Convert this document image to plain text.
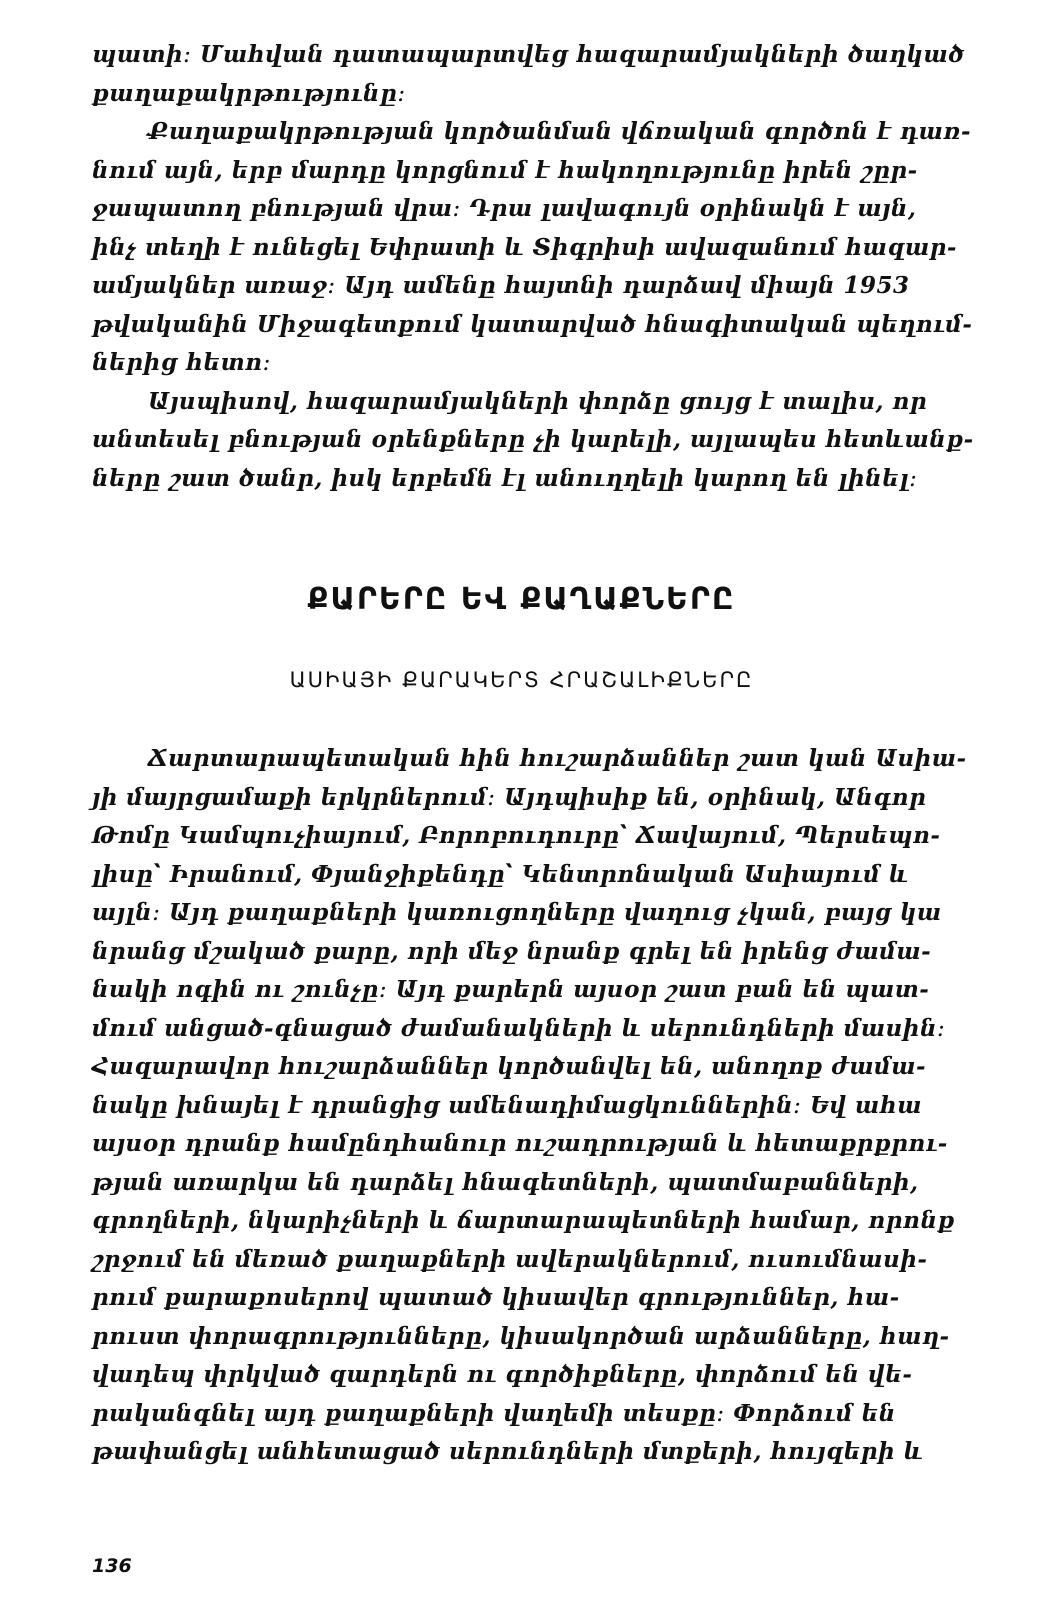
պատի։ Մահվան դատապարտվեց հազարամյակների ծաղկած
քաղաքակրթությունը։
Քաղաքակրթության կործանման վճռական գործոն է դառ-
նում այն, երբ մարդը կորցնում է հակողությունը իրեն շըր-
ջապատող բնության վրա։ Դրա լավագույն օրինակն է այն,
ինչ տեղի է ունեցել Եփրատի և Տիգրիսի ավազանում հազար-
ամյակներ առաջ։ Այդ ամենը հայտնի դարձավ միայն 1953
թվականին Միջագետքում կատարված հնագիտական պեղում-
ներից հետո։
Այսպիսով, հազարամյակների փորձը ցույց է տալիս, որ
անտեսել բնության օրենքները չի կարելի, այլապես հետևանք-
ները շատ ծանր, իսկ երբեմն էլ անուղղելի կարող են լինել։
ՔԱՐԵՐԸ ԵՎ ՔԱՂԱՔՆԵՐԸ
ԱՍԻԱՅԻ ՔԱՐԱԿԵՐՏ ՀՐԱՇԱԼԻՔՆԵՐԸ
Ճարտարապետական հին հուշարձաններ շատ կան Ասիա-
յի մայրցամաքի երկրներում։ Այդպիսիք են, օրինակ, Անգոր
Թոմը Կամպուչիայում, Բորոբուդուրը՝ Ճավայում, Պերսեպո-
լիսը՝ Իրանում, Փյանջիքենդը՝ Կենտրոնական Ասիայում և
այլն։ Այդ քաղաքների կառուցողները վաղուց չկան, բայց կա
նրանց մշակած քարը, որի մեջ նրանք գրել են իրենց ժամա-
նակի ոգին ու շունչը։ Այդ քարերն այսօր շատ բան են պատ-
մում անցած-գնացած ժամանակների և սերունդների մասին։
Հազարավոր հուշարձաններ կործանվել են, անողոք ժամա-
նակը խնայել է դրանցից ամենադիմացկուններին։ Եվ ահա
այսօր դրանք համընդհանուր ուշադրության և հետաքրքրու-
թյան առարկա են դարձել հնագետների, պատմաբանների,
գրողների, նկարիչների և ճարտարապետների համար, որոնք
շրջում են մեռած քաղաքների ավերակներում, ուսումնասի-
րում քարաքոսերով պատած կիսավեր գրություններ, հա-
րուստ փորագրությունները, կիսակործան արձանները, հաղ-
վադեպ փրկված զարդերն ու գործիքները, փորձում են վե-
րականգնել այդ քաղաքների վաղեմի տեսքը։ Փորձում են
թափանցել անհետացած սերունդների մտքերի, հույզերի և
136
